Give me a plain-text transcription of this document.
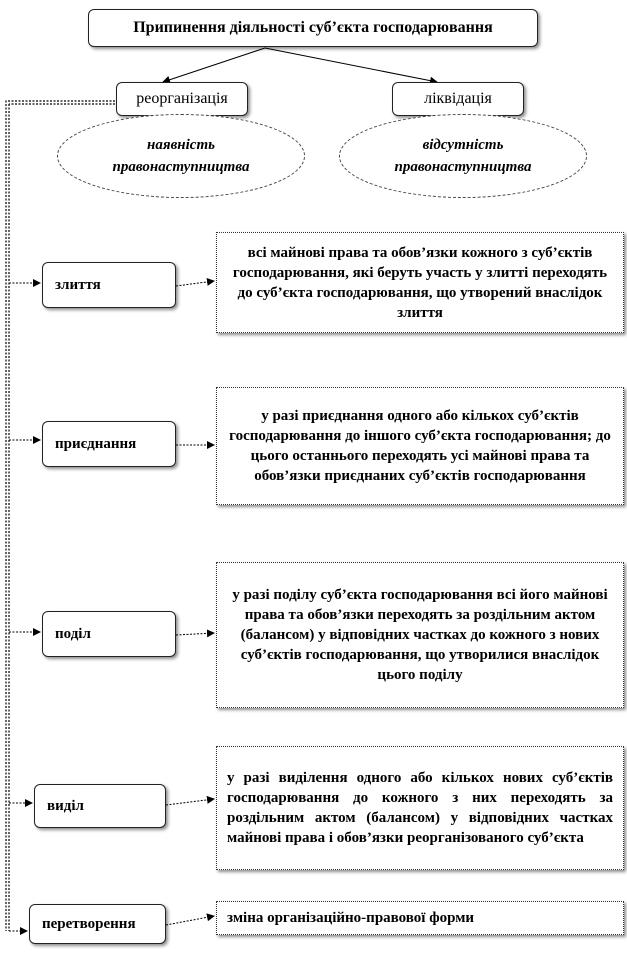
Припинення діяльності суб’єкта господарювання
реорганізація	ліквідація
наявність
правонаступництва
відсутність
правонаступництва
злиття
всі майнові права та обов’язки кожного з суб’єктів господарювання, які беруть участь у злитті переходять до суб’єкта господарювання, що утворений внаслідок злиття
приєднання
у разі приєднання одного або кількох суб’єктів господарювання до іншого суб’єкта господарювання; до цього останнього переходять усі майнові права та обов’язки приєднаних суб’єктів господарювання
поділ
у разі поділу суб’єкта господарювання всі його майнові права та обов’язки переходять за роздільним актом (балансом) у відповідних частках до кожного з нових суб’єктів господарювання, що утворилися внаслідок цього поділу
виділ
у разі виділення одного або кількох нових суб’єктів господарювання до кожного з них переходять за роздільним актом (балансом) у відповідних частках майнові права і обов’язки реорганізованого суб’єкта
перетворення	зміна організаційно-правової форми
